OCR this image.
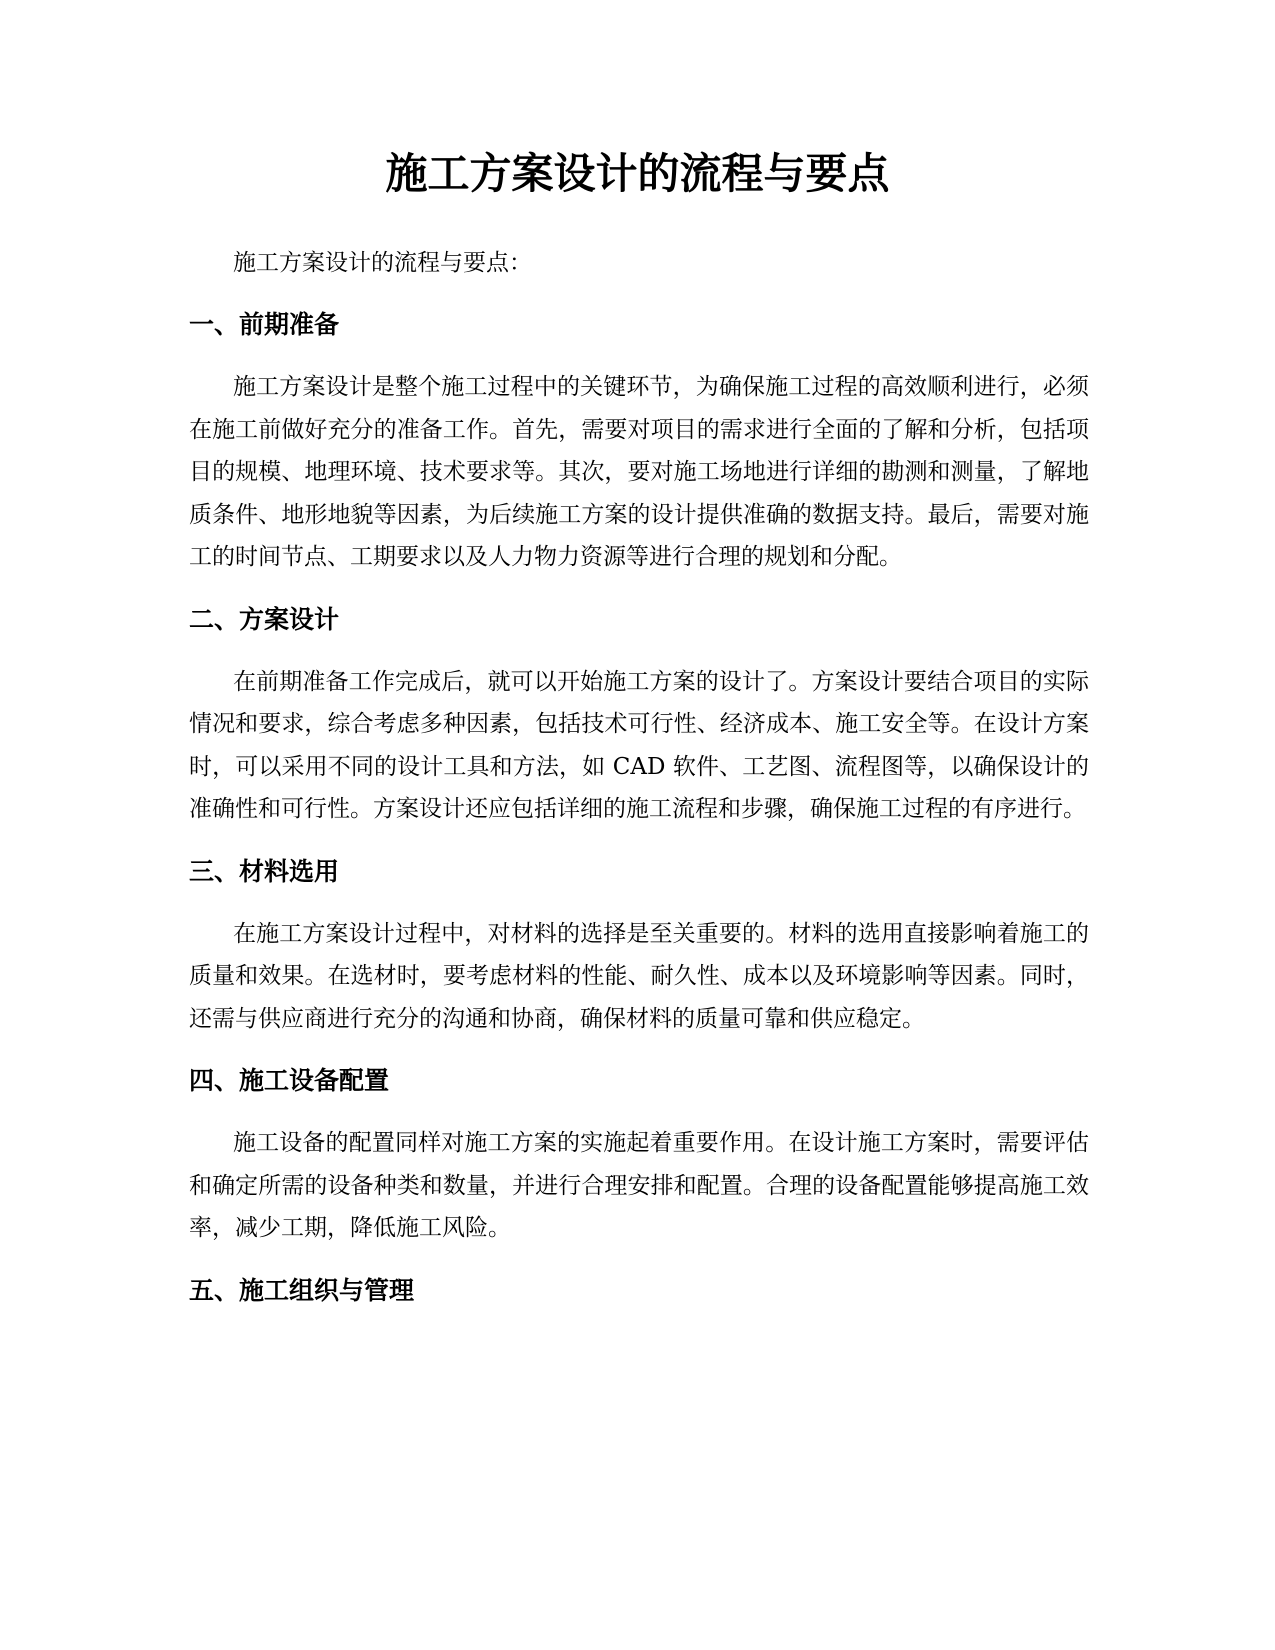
施工方案设计的流程与要点

施工方案设计的流程与要点：

一、前期准备

施工方案设计是整个施工过程中的关键环节，为确保施工过程的高效顺利进行，必须在施工前做好充分的准备工作。首先，需要对项目的需求进行全面的了解和分析，包括项目的规模、地理环境、技术要求等。其次，要对施工场地进行详细的勘测和测量，了解地质条件、地形地貌等因素，为后续施工方案的设计提供准确的数据支持。最后，需要对施工的时间节点、工期要求以及人力物力资源等进行合理的规划和分配。

二、方案设计

在前期准备工作完成后，就可以开始施工方案的设计了。方案设计要结合项目的实际情况和要求，综合考虑多种因素，包括技术可行性、经济成本、施工安全等。在设计方案时，可以采用不同的设计工具和方法，如 CAD 软件、工艺图、流程图等，以确保设计的准确性和可行性。方案设计还应包括详细的施工流程和步骤，确保施工过程的有序进行。

三、材料选用

在施工方案设计过程中，对材料的选择是至关重要的。材料的选用直接影响着施工的质量和效果。在选材时，要考虑材料的性能、耐久性、成本以及环境影响等因素。同时，还需与供应商进行充分的沟通和协商，确保材料的质量可靠和供应稳定。

四、施工设备配置

施工设备的配置同样对施工方案的实施起着重要作用。在设计施工方案时，需要评估和确定所需的设备种类和数量，并进行合理安排和配置。合理的设备配置能够提高施工效率，减少工期，降低施工风险。

五、施工组织与管理
